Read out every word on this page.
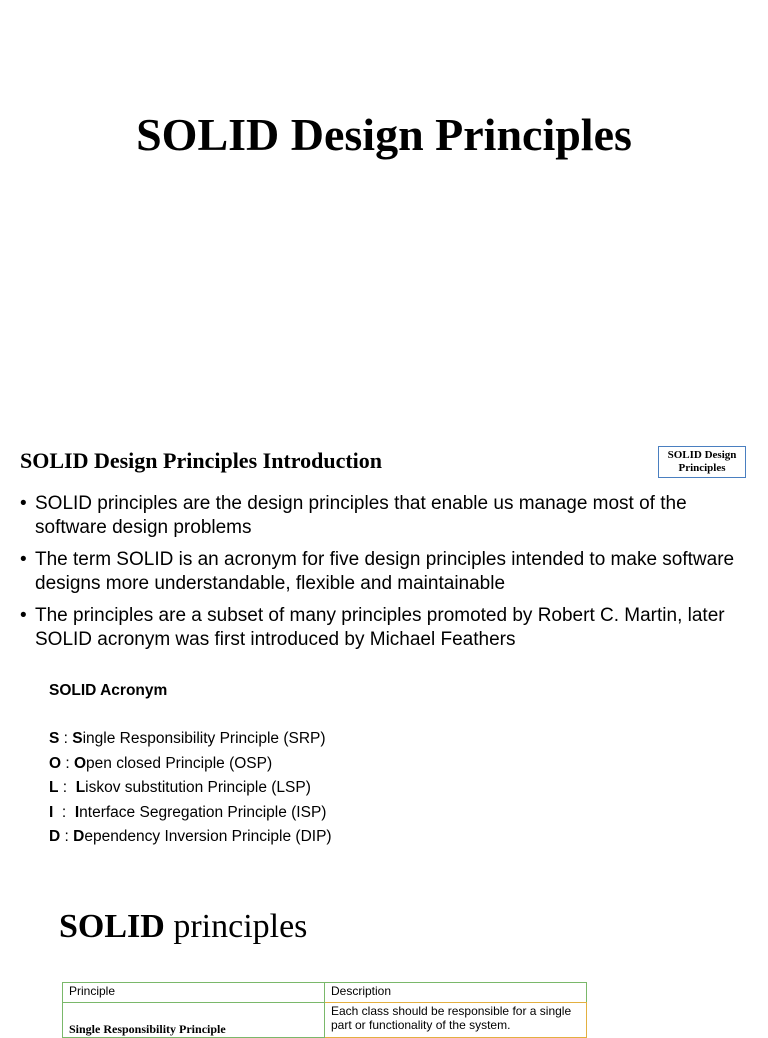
SOLID Design Principles
SOLID Design Principles Introduction	SOLID Design
Principles
• SOLID principles are the design principles that enable us manage most of the software design problems
• The term SOLID is an acronym for five design principles intended to make software designs more understandable, flexible and maintainable
• The principles are a subset of many principles promoted by Robert C. Martin, later SOLID acronym was first introduced by Michael Feathers
SOLID Acronym
S : Single Responsibility Principle (SRP)
O : Open closed Principle (OSP)
L :  Liskov substitution Principle (LSP)
I  :  Interface Segregation Principle (ISP)
D : Dependency Inversion Principle (DIP)
SOLID principles
Principle	Description
Single Responsibility Principle	Each class should be responsible for a single part or functionality of the system.
